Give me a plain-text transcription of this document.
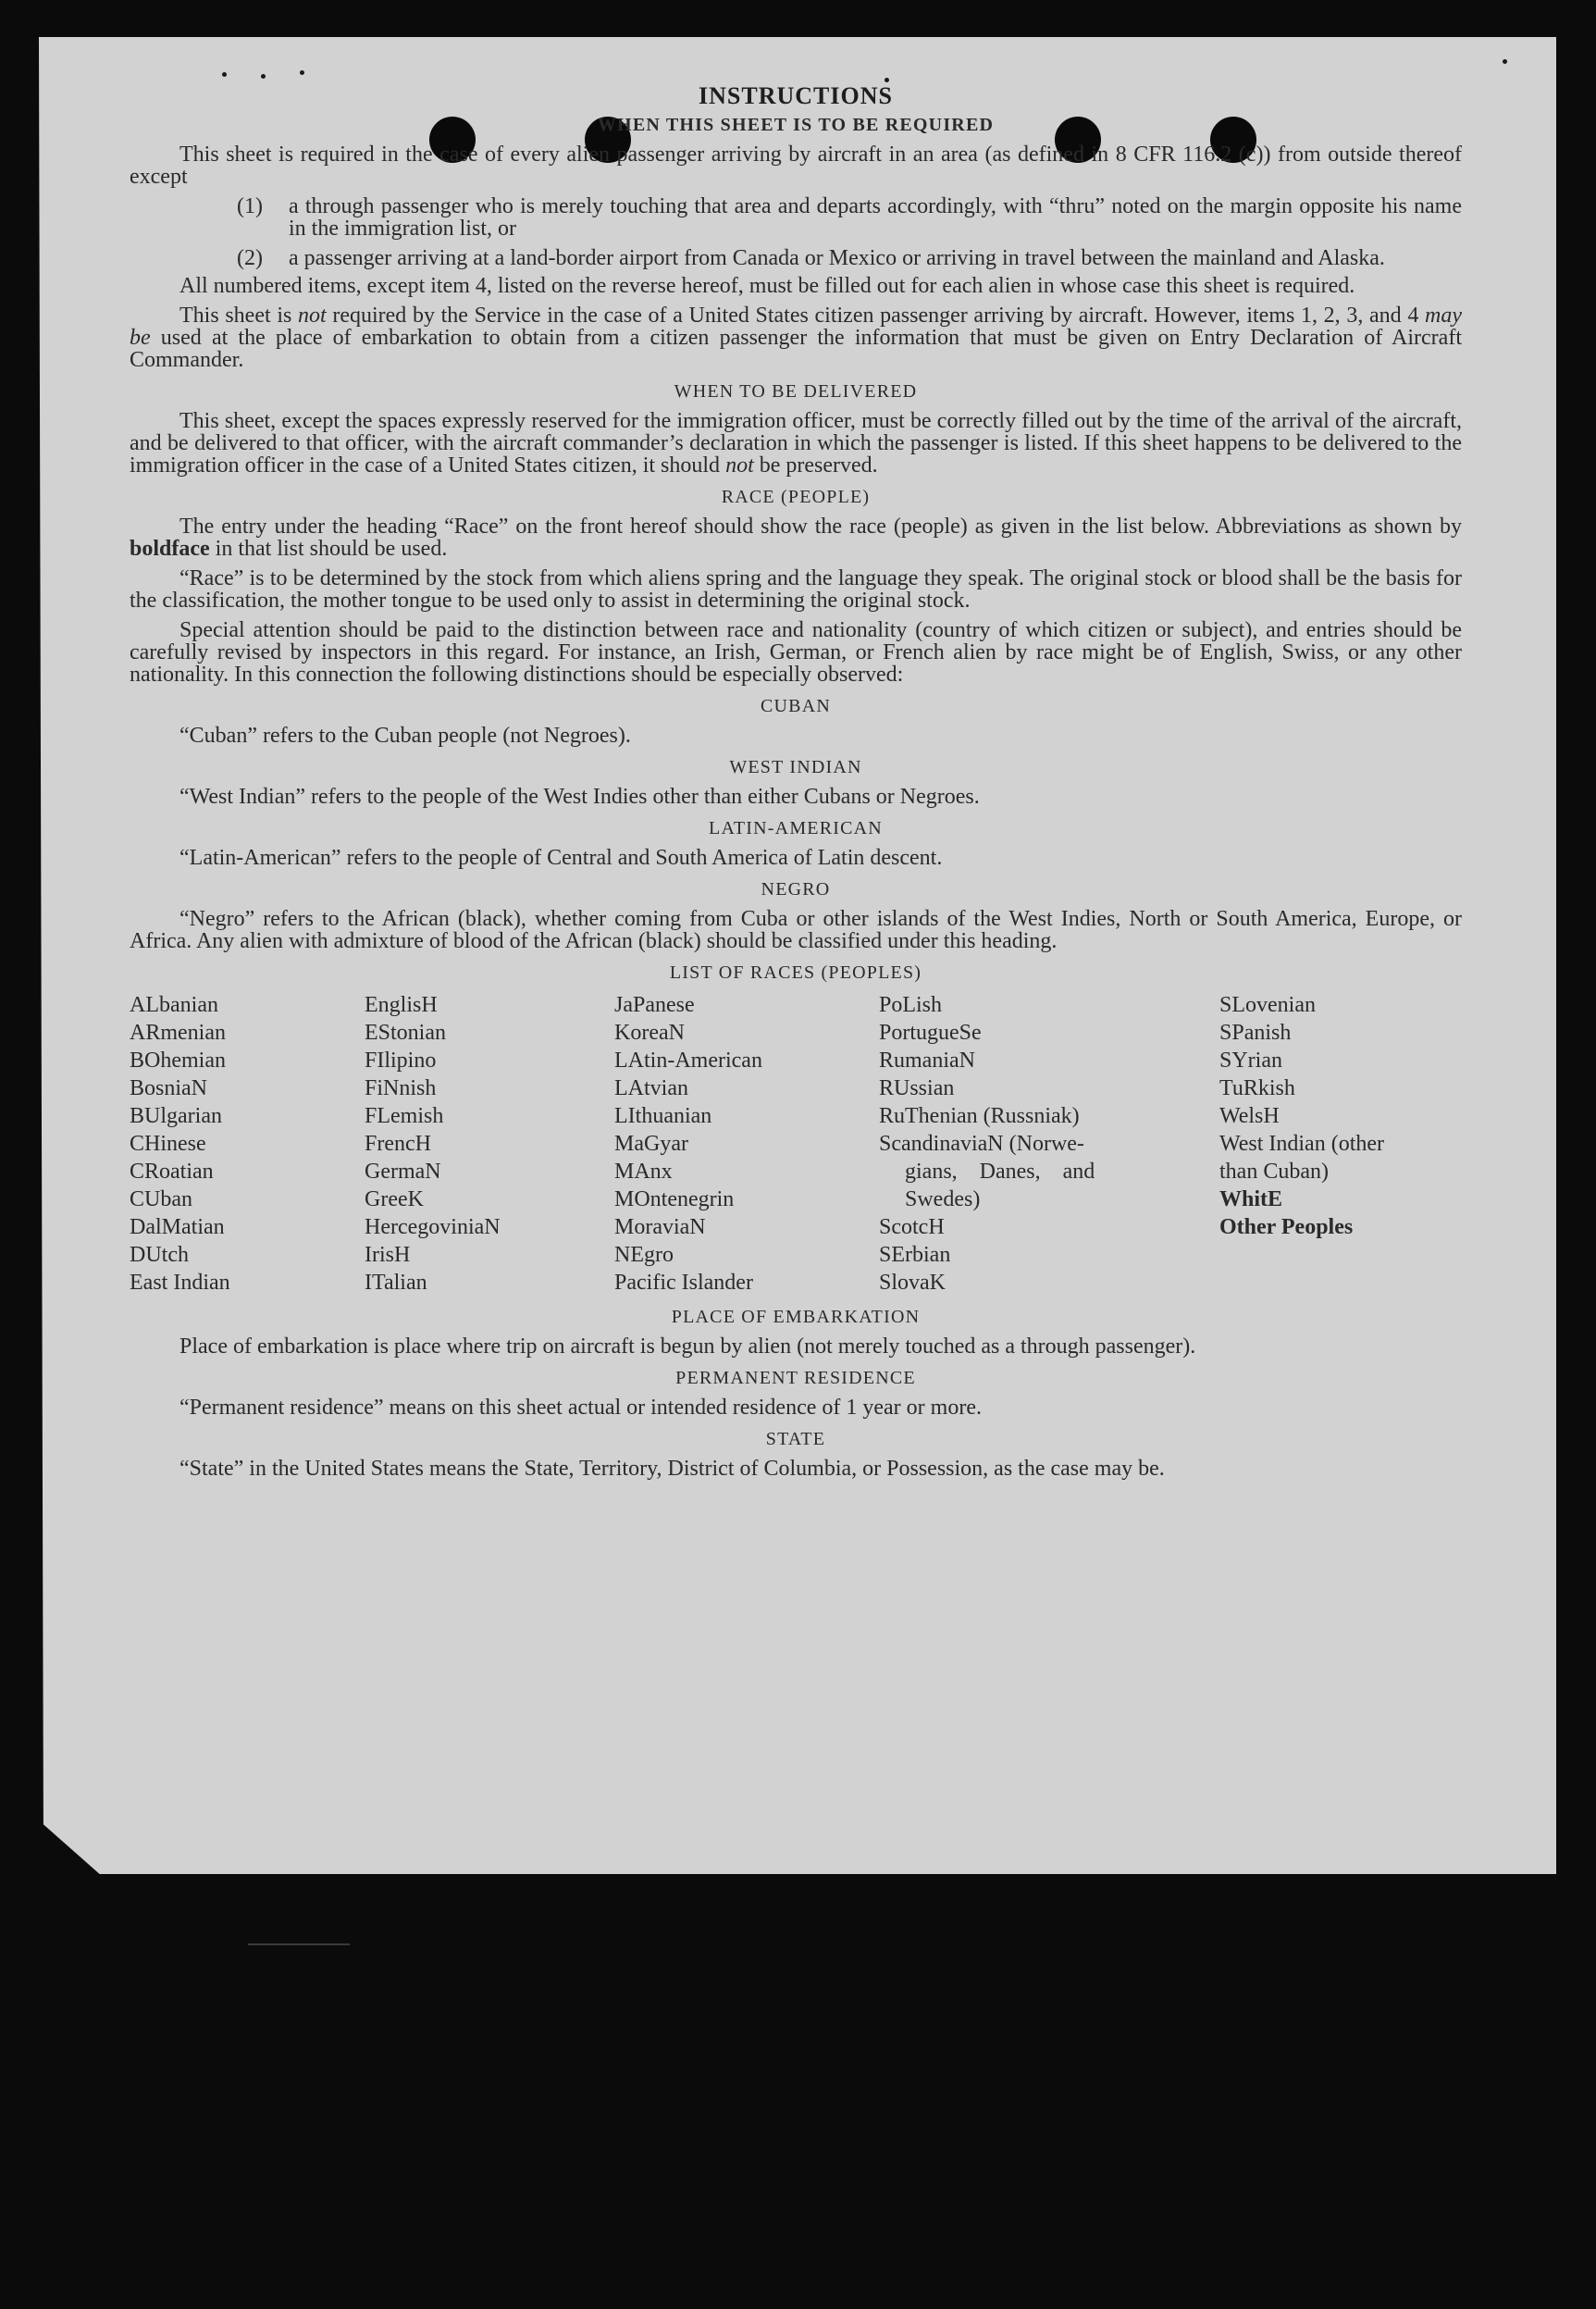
INSTRUCTIONS
WHEN THIS SHEET IS TO BE REQUIRED
This sheet is required in the case of every alien passenger arriving by aircraft in an area (as defined in 8 CFR 116.2 (c)) from outside thereof except
(1)	a through passenger who is merely touching that area and departs accordingly, with “thru” noted on the margin opposite his name in the immigration list, or
(2)	a passenger arriving at a land-border airport from Canada or Mexico or arriving in travel between the mainland and Alaska.
All numbered items, except item 4, listed on the reverse hereof, must be filled out for each alien in whose case this sheet is required.
This sheet is not required by the Service in the case of a United States citizen passenger arriving by aircraft. However, items 1, 2, 3, and 4 may be used at the place of embarkation to obtain from a citizen passenger the information that must be given on Entry Declaration of Aircraft Commander.
WHEN TO BE DELIVERED
This sheet, except the spaces expressly reserved for the immigration officer, must be correctly filled out by the time of the arrival of the aircraft, and be delivered to that officer, with the aircraft commander’s declaration in which the passenger is listed. If this sheet happens to be delivered to the immigration officer in the case of a United States citizen, it should not be preserved.
RACE (PEOPLE)
The entry under the heading “Race” on the front hereof should show the race (people) as given in the list below. Abbreviations as shown by boldface in that list should be used.
“Race” is to be determined by the stock from which aliens spring and the language they speak. The original stock or blood shall be the basis for the classification, the mother tongue to be used only to assist in determining the original stock.
Special attention should be paid to the distinction between race and nationality (country of which citizen or subject), and entries should be carefully revised by inspectors in this regard. For instance, an Irish, German, or French alien by race might be of English, Swiss, or any other nationality. In this connection the following distinctions should be especially observed:
CUBAN
“Cuban” refers to the Cuban people (not Negroes).
WEST INDIAN
“West Indian” refers to the people of the West Indies other than either Cubans or Negroes.
LATIN-AMERICAN
“Latin-American” refers to the people of Central and South America of Latin descent.
NEGRO
“Negro” refers to the African (black), whether coming from Cuba or other islands of the West Indies, North or South America, Europe, or Africa. Any alien with admixture of blood of the African (black) should be classified under this heading.
LIST OF RACES (PEOPLES)
ALbanian
ARmenian
BOhemian
BosniaN
BUlgarian
CHinese
CRoatian
CUban
DalMatian
DUtch
East Indian
EnglisH
EStonian
FIlipino
FiNnish
FLemish
FrencH
GermaN
GreeK
HercegoviniaN
IrisH
ITalian
JaPanese
KoreaN
LAtin-American
LAtvian
LIthuanian
MaGyar
MAnx
MOntenegrin
MoraviaN
NEgro
Pacific Islander
PoLish
PortugueSe
RumaniaN
RUssian
RuThenian (Russniak)
ScandinaviaN (Norwe-
gians, Danes, and
Swedes)
ScotcH
SErbian
SlovaK
SLovenian
SPanish
SYrian
TuRkish
WelsH
West Indian (other
than Cuban)
WhitE
Other Peoples
PLACE OF EMBARKATION
Place of embarkation is place where trip on aircraft is begun by alien (not merely touched as a through passenger).
PERMANENT RESIDENCE
“Permanent residence” means on this sheet actual or intended residence of 1 year or more.
STATE
“State” in the United States means the State, Territory, District of Columbia, or Possession, as the case may be.
